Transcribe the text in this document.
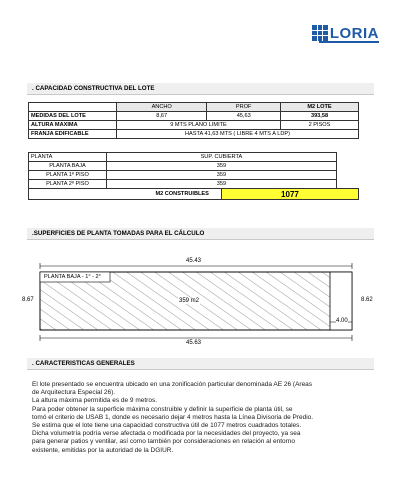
LORIA
. CAPACIDAD CONSTRUCTIVA DEL LOTE
	ANCHO	PROF	M2 LOTE
MEDIDAS DEL LOTE	8,67	45,63	393,58
ALTURA MAXIMA	9 MTS PLANO LIMITE		2 PISOS
FRANJA EDIFICABLE	HASTA 41,63 MTS ( LIBRE 4 MTS A LDP)		
PLANTA	SUP. CUBIERTA		
PLANTA BAJA	359		
PLANTA 1º PISO	359		
PLANTA 2º PISO	359		
M2 CONSTRUIBLES		1077	
.SUPERFICIES DE PLANTA TOMADAS PARA EL CÁLCULO
PLANTA BAJA - 1° - 2°
45.43
45.63
8.67	8.62
4.00
359 m2
. CARACTERISTICAS GENERALES

El lote presentado se encuentra ubicado en una zonificación particular denominada AE 26 (Areas

de Arquitectura Especial 26).

La altura máxima permitida es de 9 metros.

Para poder obtener la superficie máxima construible y definir la superficie de planta útil, se

tomó el criterio de USAB 1, donde es necesario dejar 4 metros hasta la Línea Divisoria de Predio.

Se estima que el lote tiene una capacidad constructiva útil de 1077 metros cuadrados totales.

Dicha volumetría podría verse afectada o modificada por la necesidades del proyecto, ya sea

para generar patios y ventilar, así como también por consideraciones en relación al entorno

existente, emitidas por la autoridad de la DGIUR.
